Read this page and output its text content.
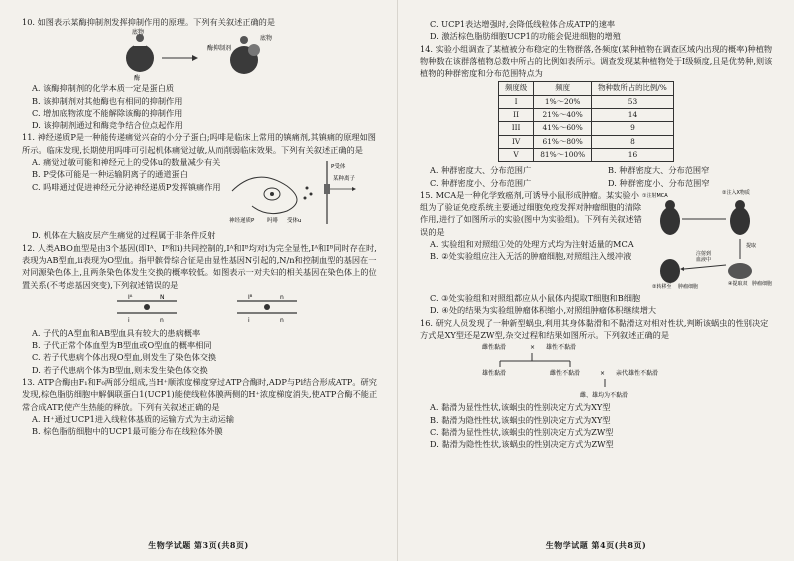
10. 如图表示某酶抑制剂发挥抑制作用的原理。下列有关叙述正确的是

底物
酶
酶抑制剂
底物

A. 该酶抑制剂的化学本质一定是蛋白质

B. 该抑制剂对其他酶也有相同的抑制作用

C. 增加底物浓度不能解除该酶的抑制作用

D. 该抑制剂通过和酶竞争结合位点起作用

11. 神经递质P是一种能传递痛觉兴奋的小分子蛋白;吗啡是临床上常用的镇痛剂,其镇痛的原理如图所示。临床发现,长期使用吗啡可引起机体痛觉过敏,从而削弱临床效果。下列有关叙述正确的是

A. 痛觉过敏可能和神经元上的受体u的数量减少有关

B. P受体可能是一种运输阴离子的通道蛋白

C. 吗啡通过促进神经元分泌神经递质P发挥镇痛作用

神经递质P 吗啡 受体u
P受体
某种离子

D. 机体在大脑皮层产生痛觉的过程属于非条件反射

12. 人类ABO血型是由3个基因(即Iᴬ、Iᴮ和i)共同控制的,Iᴬ和Iᴮ均对i为完全显性,Iᴬ和Iᴮ同时存在时,表现为AB型血,ii表现为O型血。指甲髌骨综合征是由显性基因N引起的,N/n和控制血型的基因在一对同源染色体上,且两条染色体发生交换的概率较低。如图表示一对夫妇的相关基因在染色体上的位置关系(不考虑基因突变),下列叙述错误的是

Iᴬ	N
i	n
Iᴮ	n
i	n

A. 子代的A型血和AB型血具有较大的患病概率

B. 子代正常个体血型为B型血或O型血的概率相同

C. 若子代患病个体出现O型血,则发生了染色体交换

D. 若子代患病个体为B型血,则未发生染色体交换

13. ATP合酶由F₁和F₀两部分组成,当H⁺顺浓度梯度穿过ATP合酶时,ADP与Pi结合形成ATP。研究发现,棕色脂肪细胞中解偶联蛋白1(UCP1)能使线粒体膜两侧的H⁺浓度梯度消失,使ATP合酶不能正常合成ATP,使产生热能的释放。下列有关叙述正确的是

A. H⁺通过UCP1进入线粒体基质的运输方式为主动运输

B. 棕色脂肪细胞中的UCP1最可能分布在线粒体外膜

生物学试题 第3页(共8页)

C. UCP1表达增强时,会降低线粒体合成ATP的速率

D. 激活棕色脂肪细胞UCP1的功能会促进细胞的增殖

14. 实验小组调查了某植被分布稳定的生物群落,各频度(某种植物在调查区域内出现的概率)种植物物种数在该群落植物总数中所占的比例如表所示。调查发现某种植物处于I级频度,且是优势种,则该植物的种群密度和分布范围特点为

频度级	频度	物种数所占的比例/%
I	1%～20%	53
II	21%～40%	14
III	41%～60%	9
IV	61%～80%	8
V	81%～100%	16

A. 种群密度大、分布范围广

C. 种群密度小、分布范围广

B. 种群密度大、分布范围窄

D. 种群密度小、分布范围窄

15. MCA是一种化学致癌剂,可诱导小鼠形成肿瘤。某实验小组为了验证免疫系统主要通过细胞免疫发挥对肿瘤细胞的清除作用,进行了如图所示的实验(图中为实验组)。下列有关叙述错误的是

A. 实验组和对照组①处的处理方式均为注射适量的MCA

B. ②处实验组应注入无活的肿瘤细胞,对照组注入缓冲液

①注射MCA	②注入X物质
提取
注射到
血液中
②转移至 肿瘤细胞	④提取双 肿瘤细胞

C. ③处实验组和对照组都应从小鼠体内提取T细胞和B细胞

D. ④处的结果为实验组肿瘤体积缩小,对照组肿瘤体积继续增大

16. 研究人员发现了一种新型蜗虫,利用其身体黏滑和不黏滑这对相对性状,判断该蜗虫的性别决定方式是XY型还是ZW型,杂交过程和结果如图所示。下列叙述正确的是

雌性黏滑	× 雄性不黏滑
雄性黏滑	雌性不黏滑	× 亲代雄性不黏滑
雌、雄均为不黏滑

A. 黏滑为显性性状,该蜗虫的性别决定方式为XY型

B. 黏滑为隐性性状,该蜗虫的性别决定方式为XY型

C. 黏滑为显性性状,该蜗虫的性别决定方式为ZW型

D. 黏滑为隐性性状,该蜗虫的性别决定方式为ZW型

生物学试题 第4页(共8页)
